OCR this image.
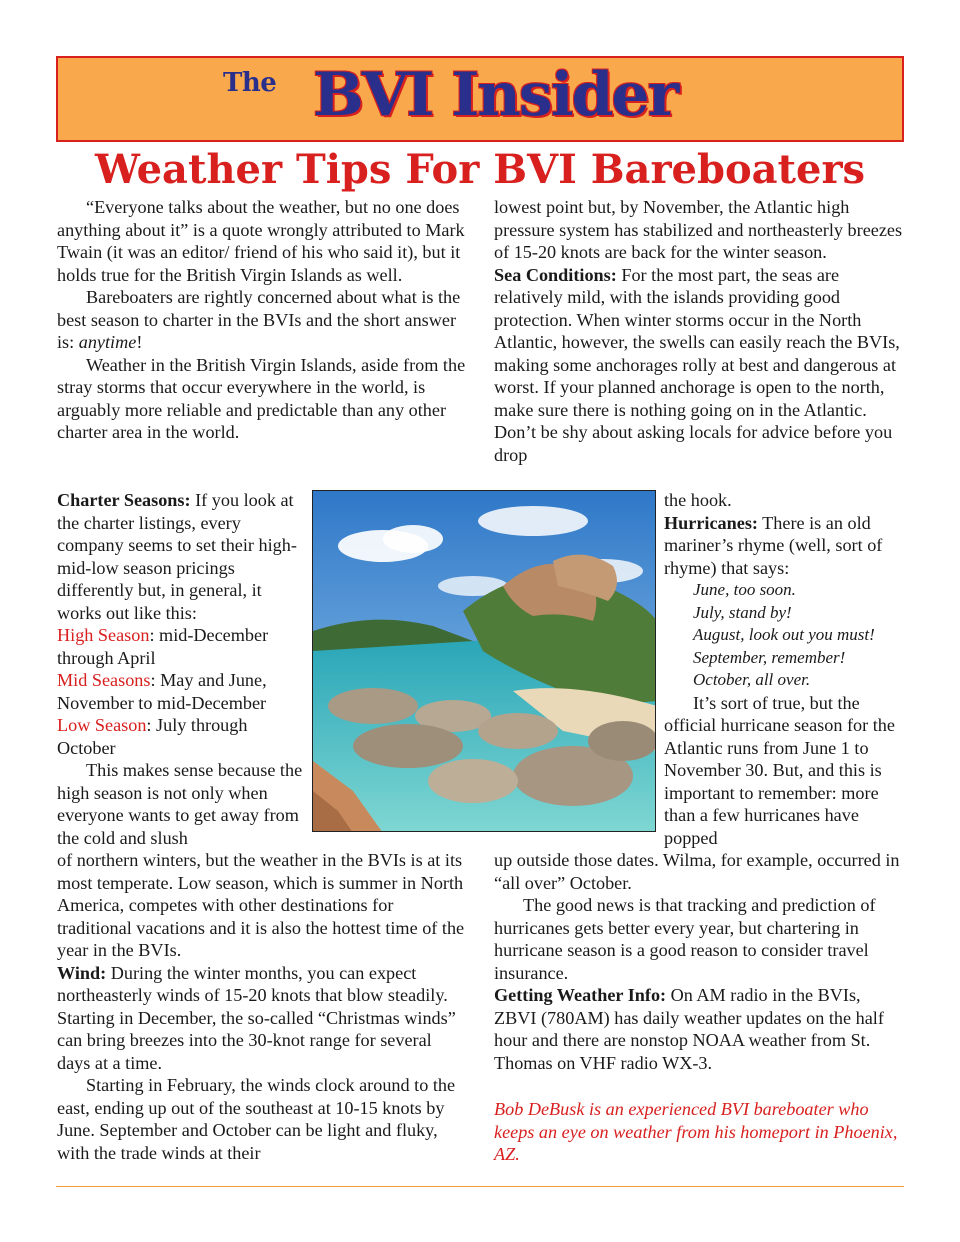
The BVI Insider
Weather Tips For BVI Bareboaters

“Everyone talks about the weather, but no one does anything about it” is a quote wrongly attributed to Mark Twain (it was an editor/ friend of his who said it), but it holds true for the British Virgin Islands as well.

Bareboaters are rightly concerned about what is the best season to charter in the BVIs and the short answer is: anytime!

Weather in the British Virgin Islands, aside from the stray storms that occur everywhere in the world, is arguably more reliable and predictable than any other charter area in the world.

Charter Seasons: If you look at the charter listings, every company seems to set their high-mid-low season pricings differently but, in general, it works out like this:

High Season: mid-December through April

Mid Seasons: May and June, November to mid-December

Low Season: July through October

This makes sense because the high season is not only when everyone wants to get away from the cold and slush

of northern winters, but the weather in the BVIs is at its most temperate. Low season, which is summer in North America, competes with other destinations for traditional vacations and it is also the hottest time of the year in the BVIs.

Wind: During the winter months, you can expect northeasterly winds of 15-20 knots that blow steadily. Starting in December, the so-called “Christmas winds” can bring breezes into the 30-knot range for several days at a time.

Starting in February, the winds clock around to the east, ending up out of the southeast at 10-15 knots by June. September and October can be light and fluky, with the trade winds at their

lowest point but, by November, the Atlantic high pressure system has stabilized and northeasterly breezes of 15-20 knots are back for the winter season.

Sea Conditions: For the most part, the seas are relatively mild, with the islands providing good protection. When winter storms occur in the North Atlantic, however, the swells can easily reach the BVIs, making some anchorages rolly at best and dangerous at worst. If your planned anchorage is open to the north, make sure there is nothing going on in the Atlantic. Don’t be shy about asking locals for advice before you drop

the hook.

Hurricanes: There is an old mariner’s rhyme (well, sort of rhyme) that says:

June, too soon.

July, stand by!

August, look out you must!

September, remember!

October, all over.

It’s sort of true, but the official hurricane season for the Atlantic runs from June 1 to November 30. But, and this is important to remember: more than a few hurricanes have popped

up outside those dates. Wilma, for example, occurred in “all over” October.

The good news is that tracking and prediction of hurricanes gets better every year, but chartering in hurricane season is a good reason to consider travel insurance.

Getting Weather Info: On AM radio in the BVIs, ZBVI (780AM) has daily weather updates on the half hour and there are nonstop NOAA weather from St. Thomas on VHF radio WX-3.

Bob DeBusk is an experienced BVI bareboater who keeps an eye on weather from his homeport in Phoenix, AZ.
